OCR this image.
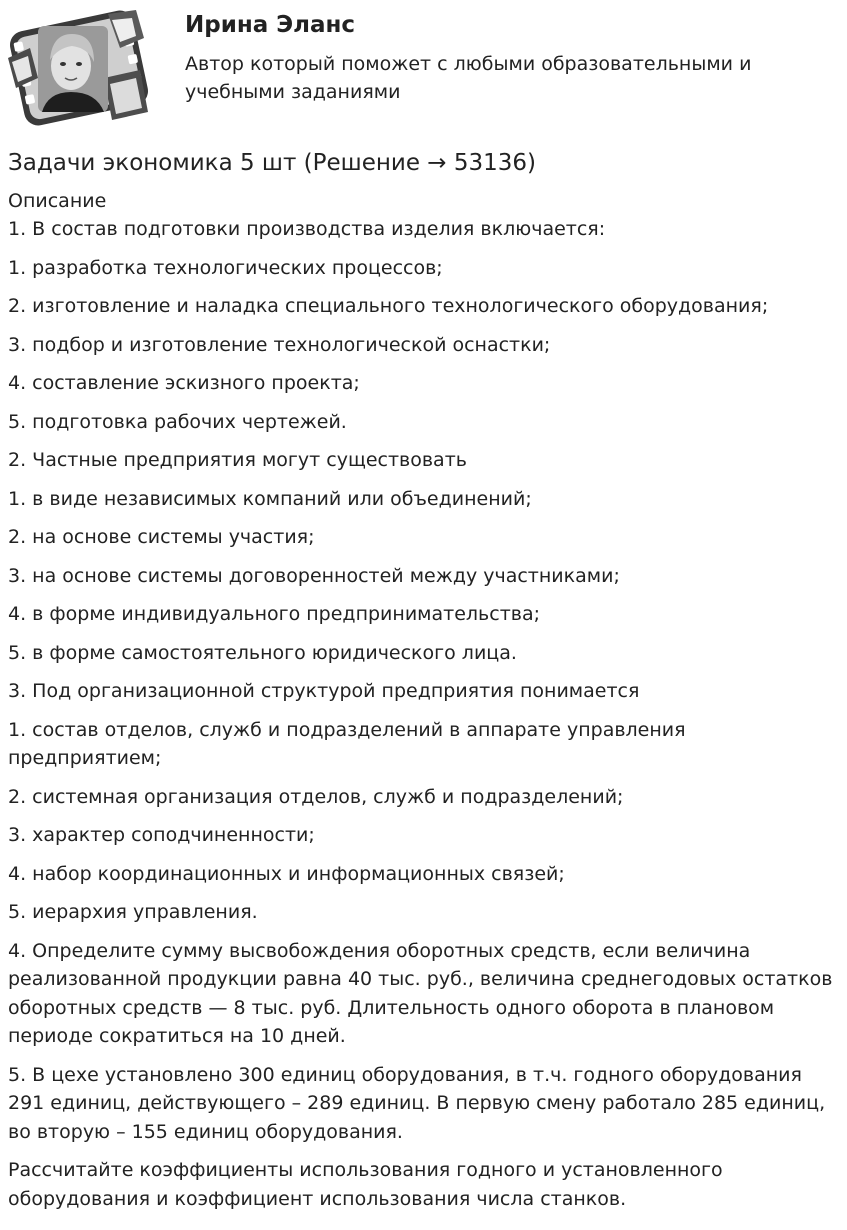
Ирина Эланс
Автор который поможет с любыми образовательными и учебными заданиями
Задачи экономика 5 шт (Решение → 53136)
Описание

1. В состав подготовки производства изделия включается:

1. разработка технологических процессов;

2. изготовление и наладка специального технологического оборудования;

3. подбор и изготовление технологической оснастки;

4. составление эскизного проекта;

5. подготовка рабочих чертежей.

2. Частные предприятия могут существовать

1. в виде независимых компаний или объединений;

2. на основе системы участия;

3. на основе системы договоренностей между участниками;

4. в форме индивидуального предпринимательства;

5. в форме самостоятельного юридического лица.

3. Под организационной структурой предприятия понимается

1. состав отделов, служб и подразделений в аппарате управления предприятием;

2. системная организация отделов, служб и подразделений;

3. характер соподчиненности;

4. набор координационных и информационных связей;

5. иерархия управления.

4. Определите сумму высвобождения оборотных средств, если величина реализованной продукции равна 40 тыс. руб., величина среднегодовых остатков оборотных средств — 8 тыс. руб. Длительность одного оборота в плановом периоде сократиться на 10 дней.

5. В цехе установлено 300 единиц оборудования, в т.ч. годного оборудования 291 единиц, действующего – 289 единиц. В первую смену работало 285 единиц, во вторую – 155 единиц оборудования.

Рассчитайте коэффициенты использования годного и установленного оборудования и коэффициент использования числа станков.
